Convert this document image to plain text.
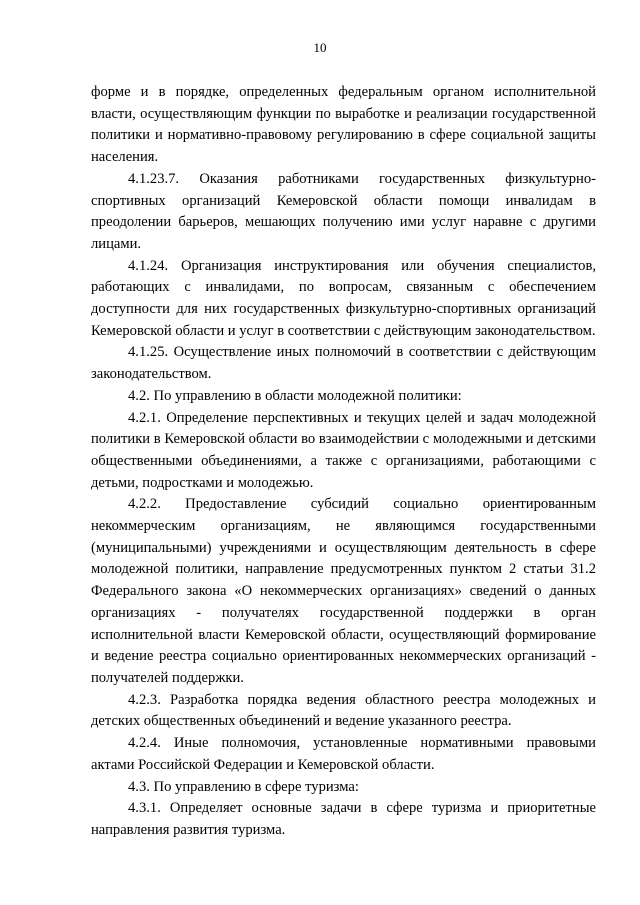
10

форме и в порядке, определенных федеральным органом исполнительной власти, осуществляющим функции по выработке и реализации государственной политики и нормативно-правовому регулированию в сфере социальной защиты населения.

4.1.23.7. Оказания работниками государственных физкультурно-спортивных организаций Кемеровской области помощи инвалидам в преодолении барьеров, мешающих получению ими услуг наравне с другими лицами.

4.1.24. Организация инструктирования или обучения специалистов, работающих с инвалидами, по вопросам, связанным с обеспечением доступности для них государственных физкультурно-спортивных организаций Кемеровской области и услуг в соответствии с действующим законодательством.

4.1.25. Осуществление иных полномочий в соответствии с действующим законодательством.

4.2. По управлению в области молодежной политики:

4.2.1. Определение перспективных и текущих целей и задач молодежной политики в Кемеровской области во взаимодействии с молодежными и детскими общественными объединениями, а также с организациями, работающими с детьми, подростками и молодежью.

4.2.2. Предоставление субсидий социально ориентированным некоммерческим организациям, не являющимся государственными (муниципальными) учреждениями и осуществляющим деятельность в сфере молодежной политики, направление предусмотренных пунктом 2 статьи 31.2 Федерального закона «О некоммерческих организациях» сведений о данных организациях - получателях государственной поддержки в орган исполнительной власти Кемеровской области, осуществляющий формирование и ведение реестра социально ориентированных некоммерческих организаций - получателей поддержки.

4.2.3. Разработка порядка ведения областного реестра молодежных и детских общественных объединений и ведение указанного реестра.

4.2.4. Иные полномочия, установленные нормативными правовыми актами Российской Федерации и Кемеровской области.

4.3. По управлению в сфере туризма:

4.3.1. Определяет основные задачи в сфере туризма и приоритетные направления развития туризма.
